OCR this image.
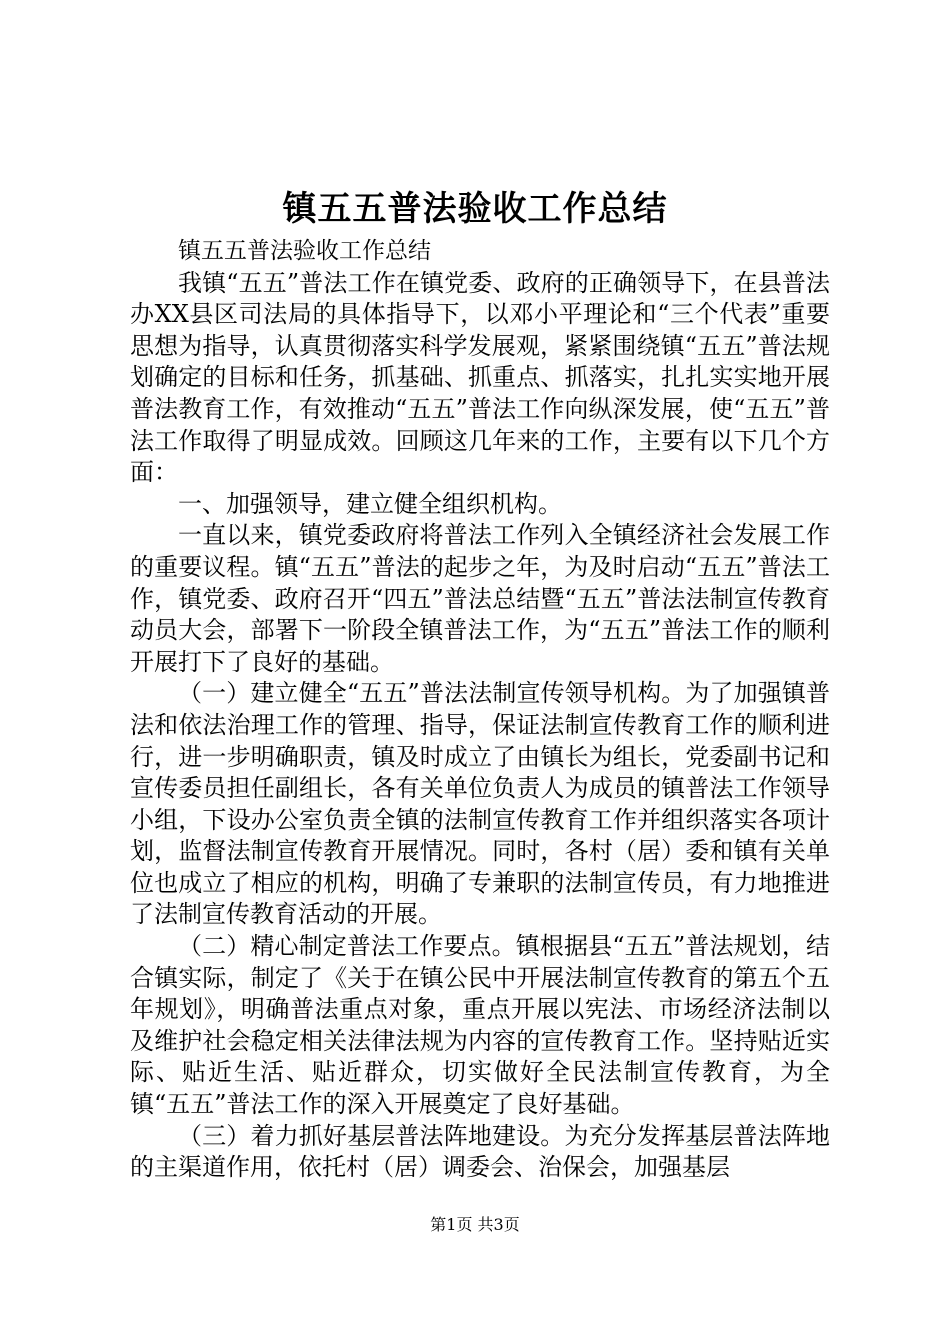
镇五五普法验收工作总结

镇五五普法验收工作总结

我镇“五五”普法工作在镇党委、政府的正确领导下，在县普法办XX县区司法局的具体指导下，以邓小平理论和“三个代表”重要思想为指导，认真贯彻落实科学发展观，紧紧围绕镇“五五”普法规划确定的目标和任务，抓基础、抓重点、抓落实，扎扎实实地开展普法教育工作，有效推动“五五”普法工作向纵深发展，使“五五”普法工作取得了明显成效。回顾这几年来的工作，主要有以下几个方面：

一、加强领导，建立健全组织机构。

一直以来，镇党委政府将普法工作列入全镇经济社会发展工作的重要议程。镇“五五”普法的起步之年，为及时启动“五五”普法工作，镇党委、政府召开“四五”普法总结暨“五五”普法法制宣传教育动员大会，部署下一阶段全镇普法工作，为“五五”普法工作的顺利开展打下了良好的基础。

（一）建立健全“五五”普法法制宣传领导机构。为了加强镇普法和依法治理工作的管理、指导，保证法制宣传教育工作的顺利进行，进一步明确职责，镇及时成立了由镇长为组长，党委副书记和宣传委员担任副组长，各有关单位负责人为成员的镇普法工作领导小组，下设办公室负责全镇的法制宣传教育工作并组织落实各项计划，监督法制宣传教育开展情况。同时，各村（居）委和镇有关单位也成立了相应的机构，明确了专兼职的法制宣传员，有力地推进了法制宣传教育活动的开展。

（二）精心制定普法工作要点。镇根据县“五五”普法规划，结合镇实际，制定了《关于在镇公民中开展法制宣传教育的第五个五年规划》，明确普法重点对象，重点开展以宪法、市场经济法制以及维护社会稳定相关法律法规为内容的宣传教育工作。坚持贴近实际、贴近生活、贴近群众，切实做好全民法制宣传教育，为全镇“五五”普法工作的深入开展奠定了良好基础。

（三）着力抓好基层普法阵地建设。为充分发挥基层普法阵地的主渠道作用，依托村（居）调委会、治保会，加强基层

第1页 共3页
